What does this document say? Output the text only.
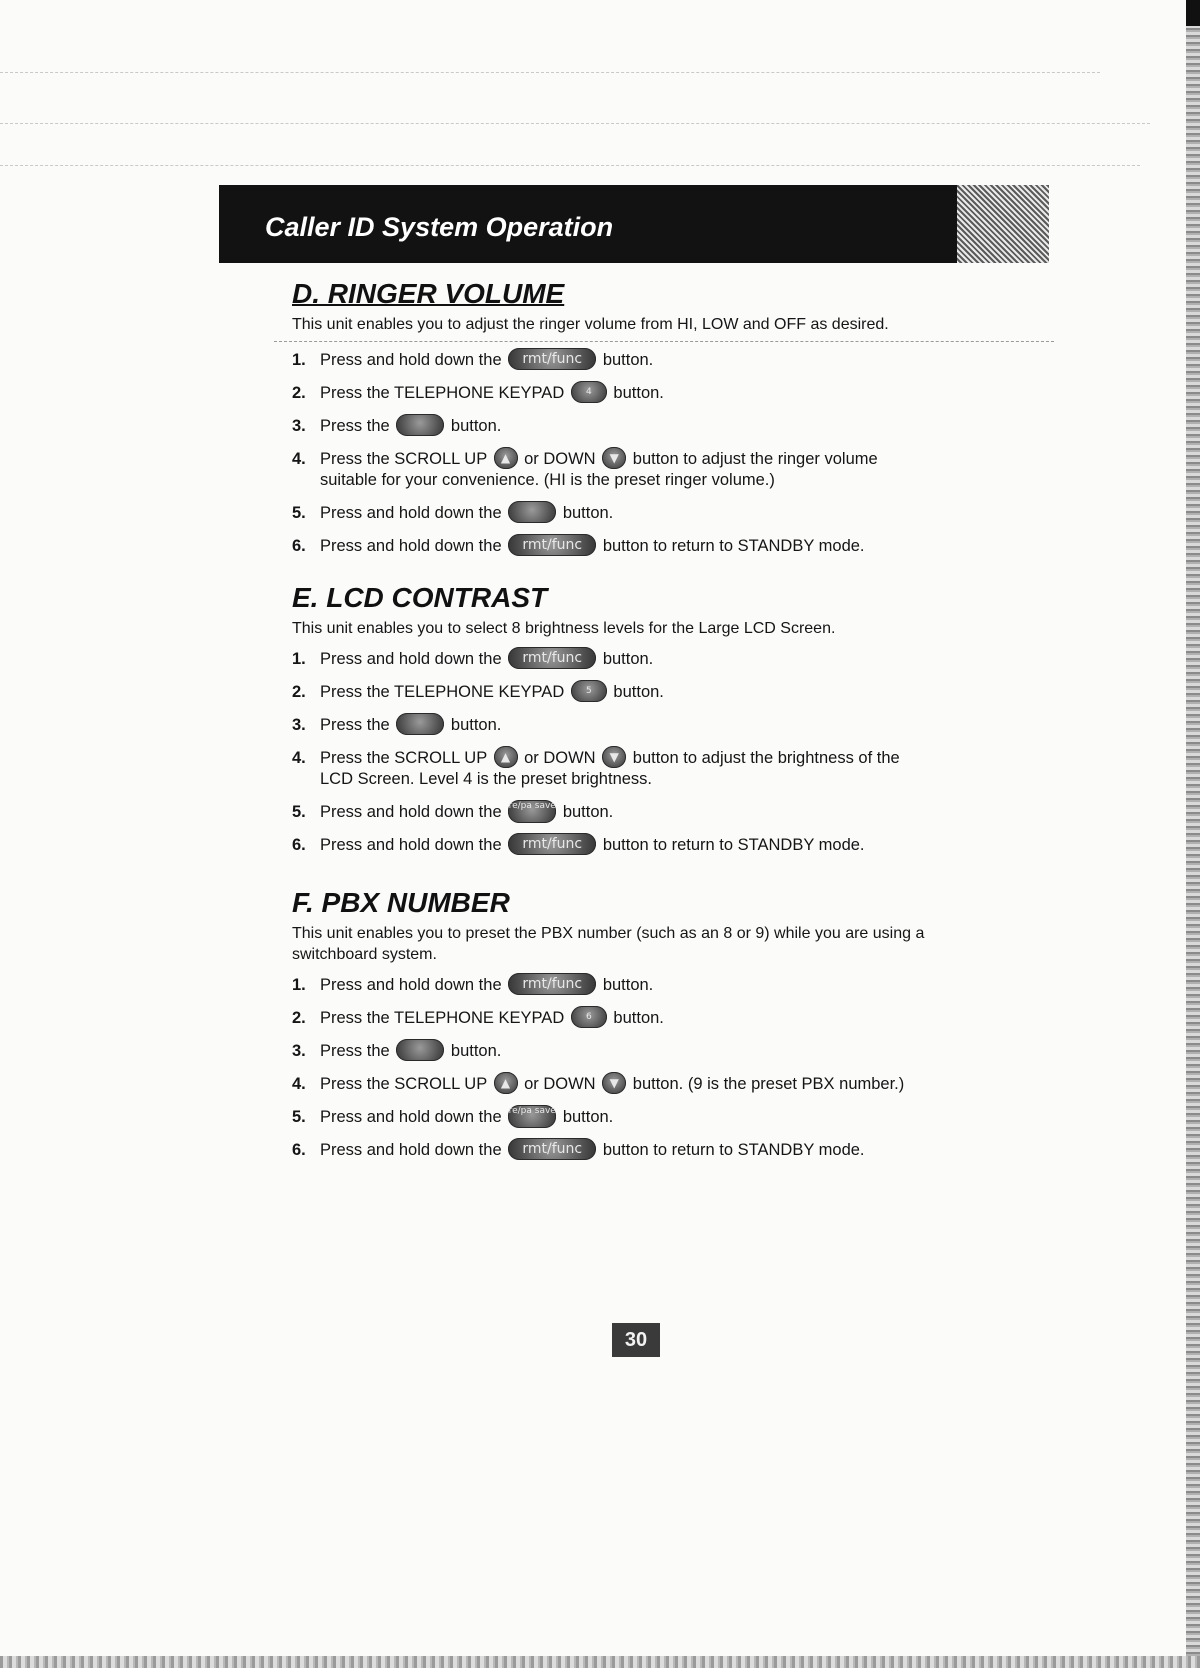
Caller ID System Operation
D. RINGER VOLUME

This unit enables you to adjust the ringer volume from HI, LOW and OFF as desired.

1. Press and hold down the rmt/func button.
2. Press the TELEPHONE KEYPAD 4 button.
3. Press the	button.
4. Press the SCROLL UP ▲ or DOWN ▼ button to adjust the ringer volume
suitable for your convenience. (HI is the preset ringer volume.)
5. Press and hold down the	button.
6. Press and hold down the rmt/func button to return to STANDBY mode.
E. LCD CONTRAST

This unit enables you to select 8 brightness levels for the Large LCD Screen.

1. Press and hold down the rmt/func button.
2. Press the TELEPHONE KEYPAD 5 button.
3. Press the	button.
4. Press the SCROLL UP ▲ or DOWN ▼ button to adjust the brightness of the
LCD Screen. Level 4 is the preset brightness.
5. Press and hold down the re/pa save button.
6. Press and hold down the rmt/func button to return to STANDBY mode.
F. PBX NUMBER

This unit enables you to preset the PBX number (such as an 8 or 9) while you are using a switchboard system.

1. Press and hold down the rmt/func button.
2. Press the TELEPHONE KEYPAD 6 button.
3. Press the	button.
4. Press the SCROLL UP ▲ or DOWN ▼ button. (9 is the preset PBX number.)
5. Press and hold down the re/pa save button.
6. Press and hold down the rmt/func button to return to STANDBY mode.
30
